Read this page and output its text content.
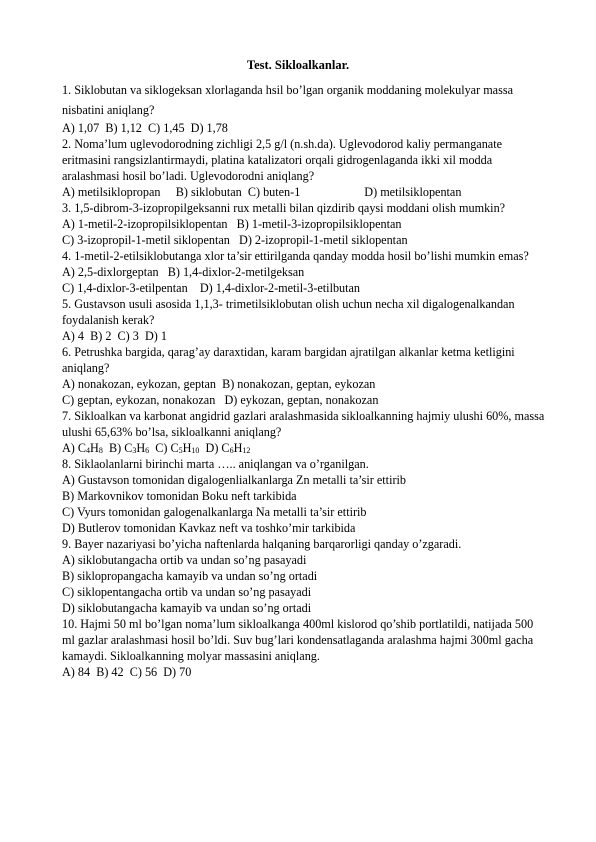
Test. Sikloalkanlar.

1. Siklobutan va siklogeksan xlorlaganda hsil bo’lgan organik moddaning molekulyar massa nisbatini aniqlang?

A) 1,07  B) 1,12  C) 1,45  D) 1,78

2. Noma’lum uglevodorodning zichligi 2,5 g/l (n.sh.da). Uglevodorod kaliy permanganate eritmasini rangsizlantirmaydi, platina katalizatori orqali gidrogenlaganda ikki xil modda aralashmasi hosil bo’ladi. Uglevodorodni aniqlang?

A) metilsiklopropan     B) siklobutan  C) buten-1                     D) metilsiklopentan

3. 1,5-dibrom-3-izopropilgeksanni rux metalli bilan qizdirib qaysi moddani olish mumkin?

A) 1-metil-2-izopropilsiklopentan   B) 1-metil-3-izopropilsiklopentan

C) 3-izopropil-1-metil siklopentan   D) 2-izopropil-1-metil siklopentan

4. 1-metil-2-etilsiklobutanga xlor ta’sir ettirilganda qanday modda hosil bo’lishi mumkin emas?

A) 2,5-dixlorgeptan   B) 1,4-dixlor-2-metilgeksan

C) 1,4-dixlor-3-etilpentan    D) 1,4-dixlor-2-metil-3-etilbutan

5. Gustavson usuli asosida 1,1,3- trimetilsiklobutan olish uchun necha xil digalogenalkandan foydalanish kerak?

A) 4  B) 2  C) 3  D) 1

6. Petrushka bargida, qarag’ay daraxtidan, karam bargidan ajratilgan alkanlar ketma ketligini aniqlang?

A) nonakozan, eykozan, geptan  B) nonakozan, geptan, eykozan

C) geptan, eykozan, nonakozan   D) eykozan, geptan, nonakozan

7. Sikloalkan va karbonat angidrid gazlari aralashmasida sikloalkanning hajmiy ulushi 60%, massa ulushi 65,63% bo’lsa, sikloalkanni aniqlang?

A) $C_4H_8$ B) $C_3H_6$ C) $C_5H_{10}$ D) $C_6H_{12}$

8. Siklaolanlarni birinchi marta ….. aniqlangan va o’rganilgan.

A) Gustavson tomonidan digalogenlialkanlarga Zn metalli ta’sir ettirib

B) Markovnikov tomonidan Boku neft tarkibida

C) Vyurs tomonidan galogenalkanlarga Na metalli ta’sir ettirib

D) Butlerov tomonidan Kavkaz neft va toshko’mir tarkibida

9. Bayer nazariyasi bo’yicha naftenlarda halqaning barqarorligi qanday o’zgaradi.

A) siklobutangacha ortib va undan so’ng pasayadi

B) siklopropangacha kamayib va undan so’ng ortadi

C) siklopentangacha ortib va undan so’ng pasayadi

D) siklobutangacha kamayib va undan so’ng ortadi

10. Hajmi 50 ml bo’lgan noma’lum sikloalkanga 400ml kislorod qo’shib portlatildi, natijada 500 ml gazlar aralashmasi hosil bo’ldi. Suv bug’lari kondensatlaganda aralashma hajmi 300ml gacha kamaydi. Sikloalkanning molyar massasini aniqlang.

A) 84  B) 42  C) 56  D) 70
